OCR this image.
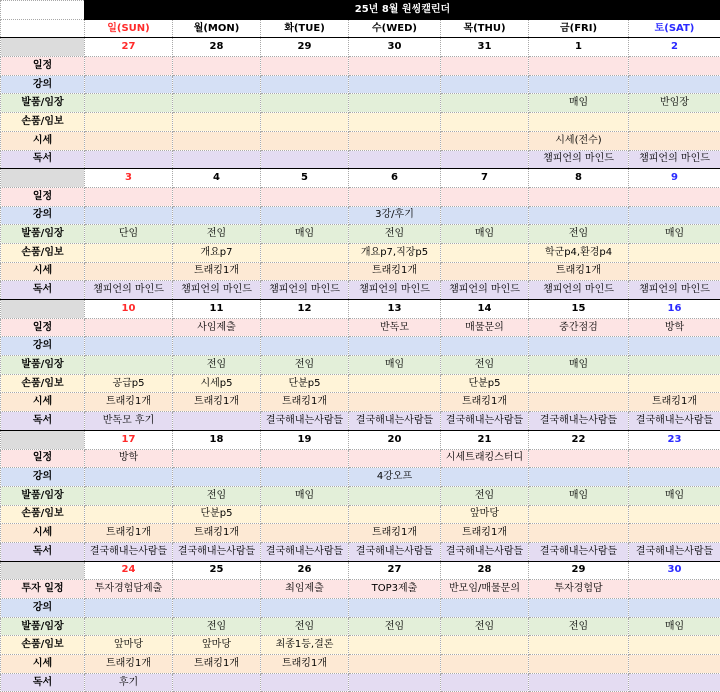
	25년 8월 원씽캘린더						
	일(SUN)	월(MON)	화(TUE)	수(WED)	목(THU)	금(FRI)	토(SAT)
	27	28	29	30	31	1	2
일정							
강의							
발품/임장						매임	반임장
손품/임보							
시세						시세(전수)	
독서						챔피언의 마인드	챔피언의 마인드
	3	4	5	6	7	8	9
일정							
강의				3강/후기			
발품/임장	단임	전임	매임	전임	매임	전임	매임
손품/임보		개요p7		개요p7,직장p5		학군p4,환경p4	
시세		트래킹1개		트래킹1개		트래킹1개	
독서	챔피언의 마인드	챔피언의 마인드	챔피언의 마인드	챔피언의 마인드	챔피언의 마인드	챔피언의 마인드	챔피언의 마인드
	10	11	12	13	14	15	16
일정		사임제출		반독모	매물문의	중간점검	방학
강의							
발품/임장		전임	전임	매임	전임	매임	
손품/임보	공급p5	시세p5	단분p5		단분p5		
시세	트래킹1개	트래킹1개	트래킹1개		트래킹1개		트래킹1개
독서	반독모 후기		결국해내는사람들	결국해내는사람들	결국해내는사람들	결국해내는사람들	결국해내는사람들
	17	18	19	20	21	22	23
일정	방학				시세트래킹스터디		
강의				4강오프			
발품/임장		전임	매임		전임	매임	매임
손품/임보		단분p5			앞마당		
시세	트래킹1개	트래킹1개		트래킹1개	트래킹1개		
독서	결국해내는사람들	결국해내는사람들	결국해내는사람들	결국해내는사람들	결국해내는사람들	결국해내는사람들	결국해내는사람들
	24	25	26	27	28	29	30
투자 일정	투자경험담제출		최임제출	TOP3제출	반모임/매물문의	투자경험담	
강의							
발품/임장		전임	전임	전임	전임	전임	매임
손품/임보	앞마당	앞마당	최종1등,결론				
시세	트래킹1개	트래킹1개	트래킹1개				
독서	후기						
